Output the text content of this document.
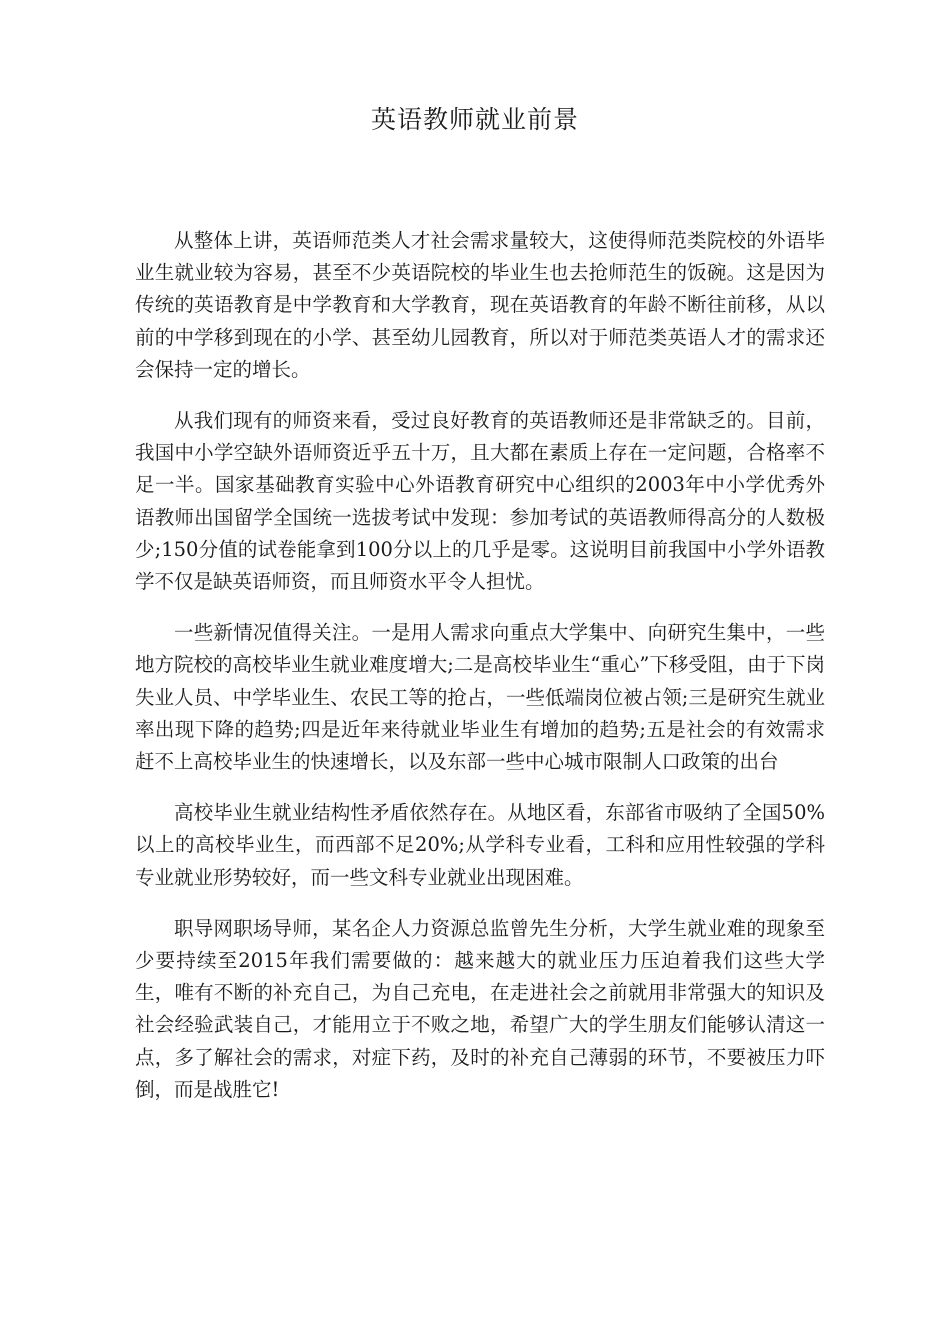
英语教师就业前景

从整体上讲，英语师范类人才社会需求量较大，这使得师范类院校的外语毕业生就业较为容易，甚至不少英语院校的毕业生也去抢师范生的饭碗。这是因为传统的英语教育是中学教育和大学教育，现在英语教育的年龄不断往前移，从以前的中学移到现在的小学、甚至幼儿园教育，所以对于师范类英语人才的需求还会保持一定的增长。

从我们现有的师资来看，受过良好教育的英语教师还是非常缺乏的。目前，我国中小学空缺外语师资近乎五十万，且大都在素质上存在一定问题，合格率不足一半。国家基础教育实验中心外语教育研究中心组织的2003年中小学优秀外语教师出国留学全国统一选拔考试中发现：参加考试的英语教师得高分的人数极少;150分值的试卷能拿到100分以上的几乎是零。这说明目前我国中小学外语教学不仅是缺英语师资，而且师资水平令人担忧。

一些新情况值得关注。一是用人需求向重点大学集中、向研究生集中，一些地方院校的高校毕业生就业难度增大;二是高校毕业生“重心”下移受阻，由于下岗失业人员、中学毕业生、农民工等的抢占，一些低端岗位被占领;三是研究生就业率出现下降的趋势;四是近年来待就业毕业生有增加的趋势;五是社会的有效需求赶不上高校毕业生的快速增长，以及东部一些中心城市限制人口政策的出台

高校毕业生就业结构性矛盾依然存在。从地区看，东部省市吸纳了全国50%以上的高校毕业生，而西部不足20%;从学科专业看，工科和应用性较强的学科专业就业形势较好，而一些文科专业就业出现困难。

职导网职场导师，某名企人力资源总监曾先生分析，大学生就业难的现象至少要持续至2015年我们需要做的：越来越大的就业压力压迫着我们这些大学生，唯有不断的补充自己，为自己充电，在走进社会之前就用非常强大的知识及社会经验武装自己，才能用立于不败之地，希望广大的学生朋友们能够认清这一点，多了解社会的需求，对症下药，及时的补充自己薄弱的环节，不要被压力吓倒，而是战胜它!
